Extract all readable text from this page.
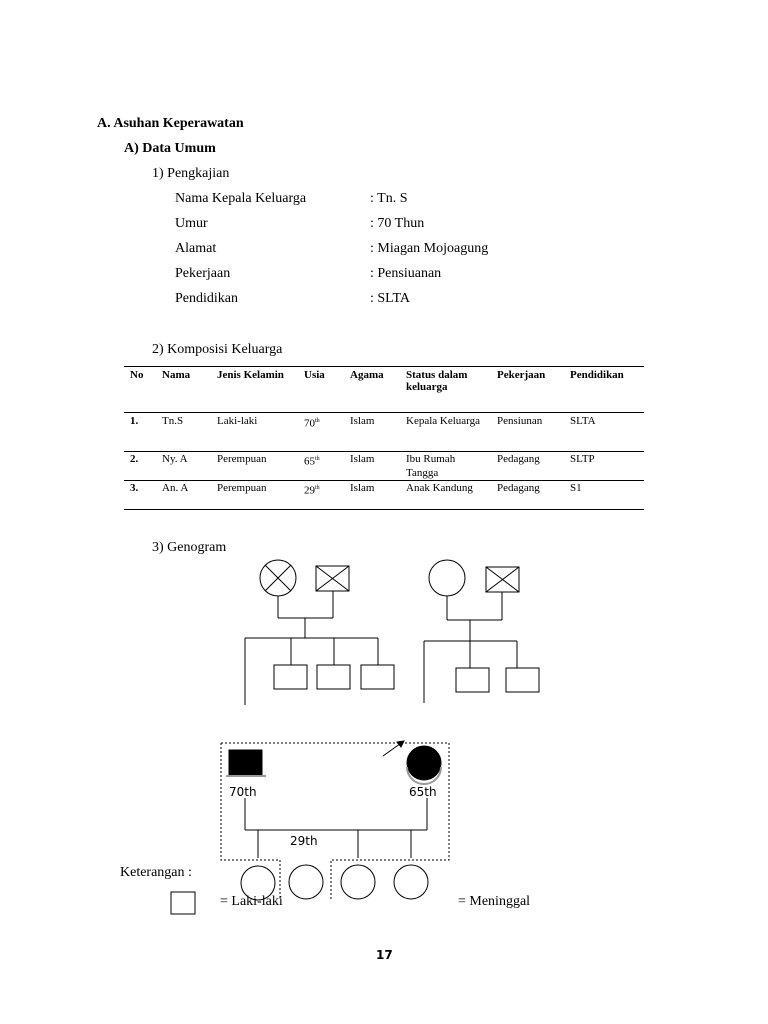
A. Asuhan Keperawatan
A) Data Umum
1) Pengkajian
Nama Kepala Keluarga	: Tn. S
Umur	: 70 Thun
Alamat	: Miagan Mojoagung
Pekerjaan	: Pensiuanan
Pendidikan	: SLTA
2) Komposisi Keluarga
No	Nama	Jenis Kelamin	Usia	Agama	Status dalam keluarga	Pekerjaan	Pendidikan
1.	Tn.S	Laki-laki	70th	Islam	Kepala Keluarga	Pensiunan	SLTA
2.	Ny. A	Perempuan	65th	Islam	Ibu Rumah Tangga	Pedagang	SLTP
3.	An. A	Perempuan	29th	Islam	Anak Kandung	Pedagang	S1
3) Genogram
70th	65th
29th
Keterangan :
= Laki-laki	= Meninggal
17
